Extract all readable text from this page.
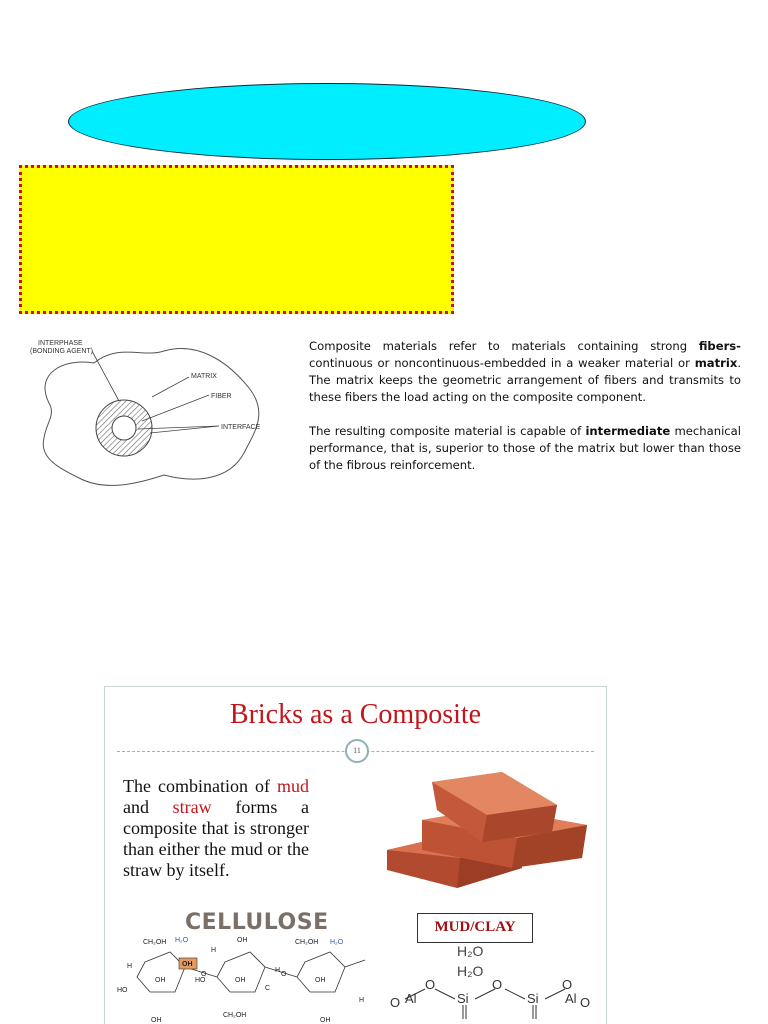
INTERPHASE
(BONDING AGENT)
MATRIX
FIBER
INTERFACE

Composite materials refer to materials containing strong fibers- continuous or noncontinuous-embedded in a weaker material or matrix. The matrix keeps the geometric arrangement of fibers and transmits to these fibers the load acting on the composite component.

The resulting composite material is capable of intermediate mechanical performance, that is, superior to those of the matrix but lower than those of the fibrous reinforcement.

Bricks as a Composite
11
The combination of mud and straw forms a composite that is stronger than either the mud or the straw by itself.
CELLULOSE
OH
CH₂OH	CH₂OH
CH₂OH
H₂O	H₂O
OH
OH	OH	OH
OH	OH
HO
HO
H
H
H
H
C
O	O
MUD/CLAY
H₂O
H₂O
O
O	O	O
O
Al	Si	Si Al
